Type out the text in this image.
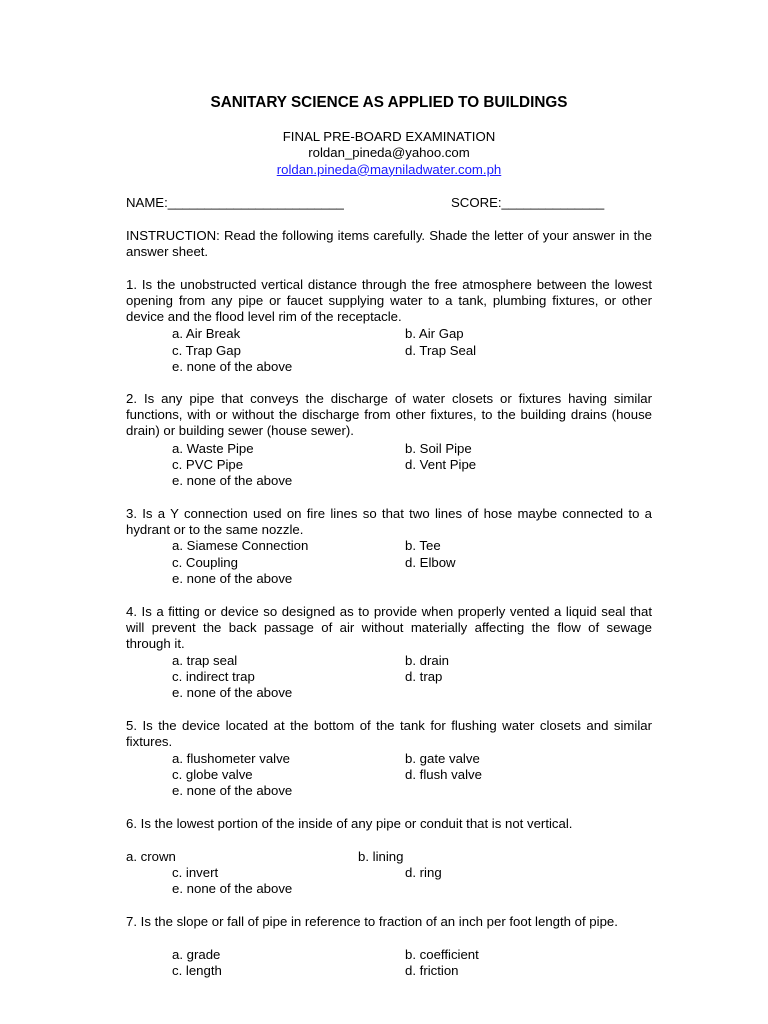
SANITARY SCIENCE AS APPLIED TO BUILDINGS
FINAL PRE-BOARD EXAMINATION
roldan_pineda@yahoo.com
roldan.pineda@mayniladwater.com.ph
NAME:________________________	SCORE:______________
INSTRUCTION: Read the following items carefully. Shade the letter of your answer in the answer sheet.
1. Is the unobstructed vertical distance through the free atmosphere between the lowest opening from any pipe or faucet supplying water to a tank, plumbing fixtures, or other device and the flood level rim of the receptacle.
a. Air Break	b. Air Gap
c. Trap Gap	d. Trap Seal
e. none of the above
2. Is any pipe that conveys the discharge of water closets or fixtures having similar functions, with or without the discharge from other fixtures, to the building drains (house drain) or building sewer (house sewer).
a. Waste Pipe	b. Soil Pipe
c. PVC Pipe	d. Vent Pipe
e. none of the above
3. Is a Y connection used on fire lines so that two lines of hose maybe connected to a hydrant or to the same nozzle.
a. Siamese Connection	b. Tee
c. Coupling	d. Elbow
e. none of the above
4. Is a fitting or device so designed as to provide when properly vented a liquid seal that will prevent the back passage of air without materially affecting the flow of sewage through it.
a. trap seal	b. drain
c. indirect trap	d. trap
e. none of the above
5. Is the device located at the bottom of the tank for flushing water closets and similar fixtures.
a. flushometer valve	b. gate valve
c. globe valve	d. flush valve
e. none of the above
6. Is the lowest portion of the inside of any pipe or conduit that is not vertical.
a. crown	b. lining
c. invert	d. ring
e. none of the above
7. Is the slope or fall of pipe in reference to fraction of an inch per foot length of pipe.
a. grade	b. coefficient
c. length	d. friction
